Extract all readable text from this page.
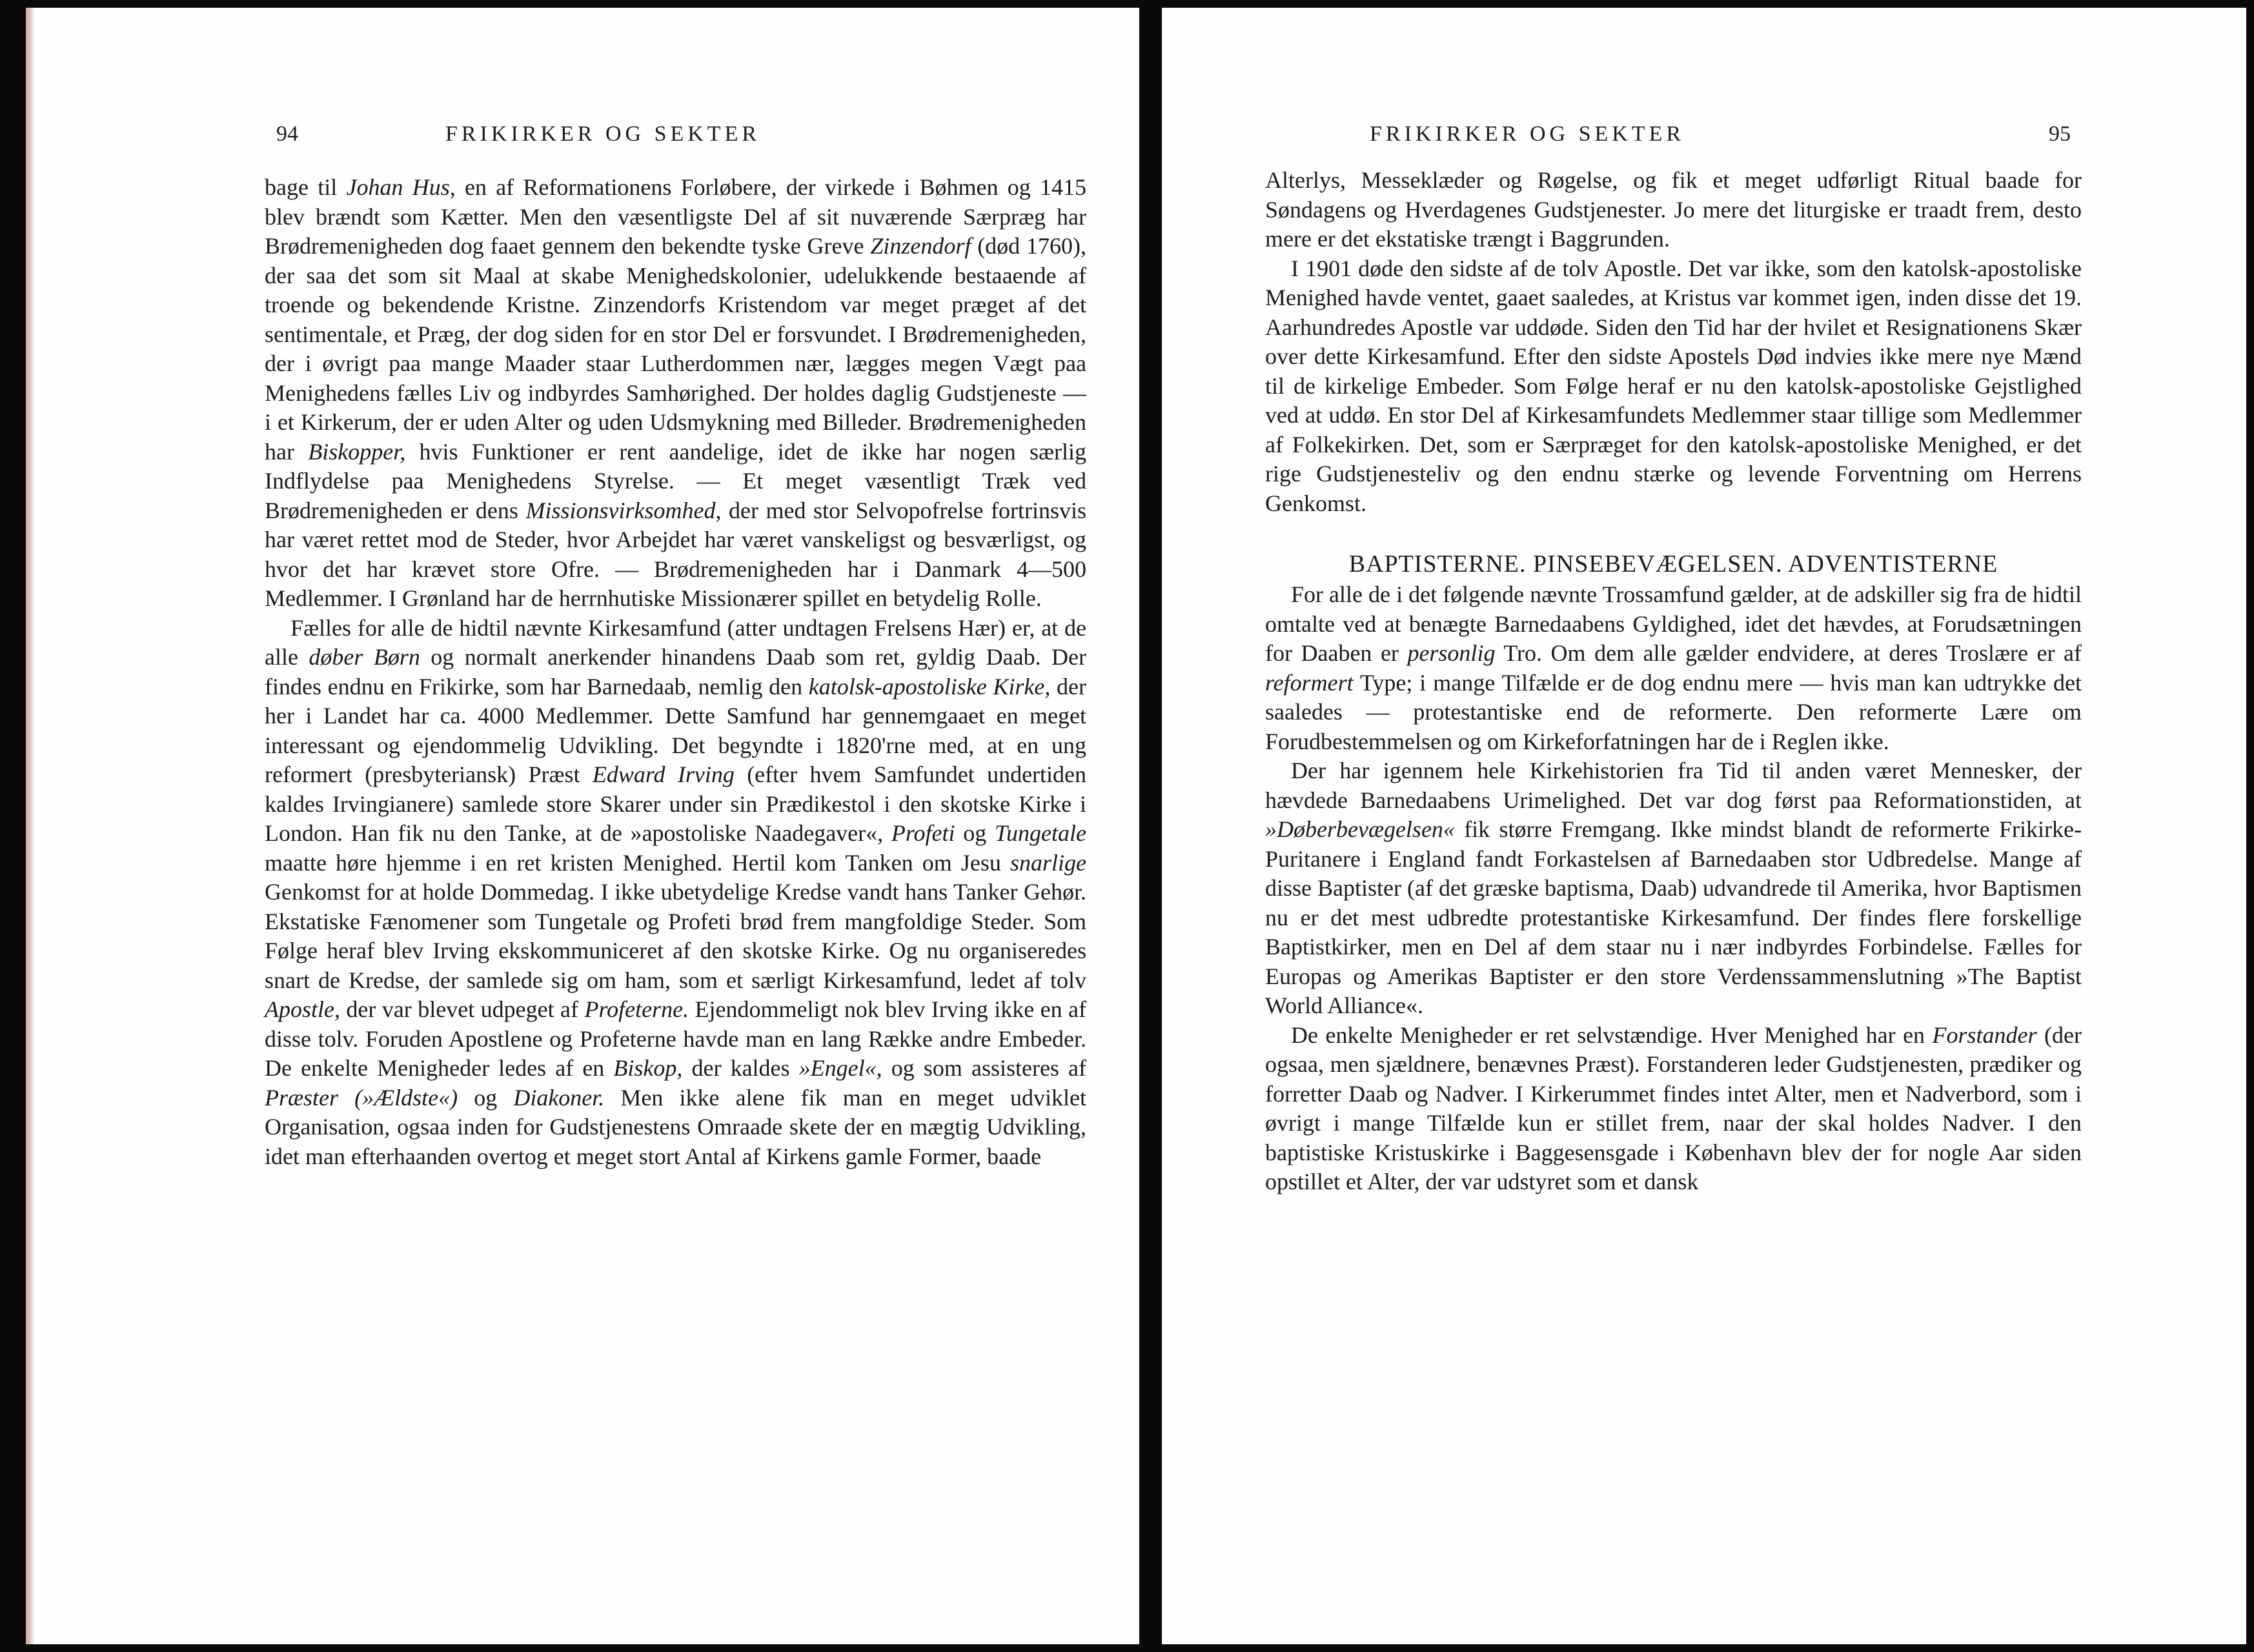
94	FRIKIRKER OG SEKTER

bage til Johan Hus, en af Reformationens Forløbere, der virkede i Bøhmen og 1415 blev brændt som Kætter. Men den væsentligste Del af sit nuværende Særpræg har Brødremenigheden dog faaet gennem den bekendte tyske Greve Zinzendorf (død 1760), der saa det som sit Maal at skabe Menighedskolonier, udelukkende bestaaende af troende og bekendende Kristne. Zinzendorfs Kristendom var meget præget af det sentimentale, et Præg, der dog siden for en stor Del er forsvundet. I Brødremenigheden, der i øvrigt paa mange Maader staar Lutherdommen nær, lægges megen Vægt paa Menighedens fælles Liv og indbyrdes Samhørighed. Der holdes daglig Gudstjeneste — i et Kirkerum, der er uden Alter og uden Udsmykning med Billeder. Brødremenigheden har Biskopper, hvis Funktioner er rent aandelige, idet de ikke har nogen særlig Indflydelse paa Menighedens Styrelse. — Et meget væsentligt Træk ved Brødremenigheden er dens Missionsvirksomhed, der med stor Selvopofrelse fortrinsvis har været rettet mod de Steder, hvor Arbejdet har været vanskeligst og besværligst, og hvor det har krævet store Ofre. — Brødremenigheden har i Danmark 4—500 Medlemmer. I Grønland har de herrnhutiske Missionærer spillet en betydelig Rolle.

Fælles for alle de hidtil nævnte Kirkesamfund (atter undtagen Frelsens Hær) er, at de alle døber Børn og normalt anerkender hinandens Daab som ret, gyldig Daab. Der findes endnu en Frikirke, som har Barnedaab, nemlig den katolsk-apostoliske Kirke, der her i Landet har ca. 4000 Medlemmer. Dette Samfund har gennemgaaet en meget interessant og ejendommelig Udvikling. Det begyndte i 1820'rne med, at en ung reformert (presbyteriansk) Præst Edward Irving (efter hvem Samfundet undertiden kaldes Irvingianere) samlede store Skarer under sin Prædikestol i den skotske Kirke i London. Han fik nu den Tanke, at de »apostoliske Naadegaver«, Profeti og Tungetale maatte høre hjemme i en ret kristen Menighed. Hertil kom Tanken om Jesu snarlige Genkomst for at holde Dommedag. I ikke ubetydelige Kredse vandt hans Tanker Gehør. Ekstatiske Fænomener som Tungetale og Profeti brød frem mangfoldige Steder. Som Følge heraf blev Irving ekskommuniceret af den skotske Kirke. Og nu organiseredes snart de Kredse, der samlede sig om ham, som et særligt Kirkesamfund, ledet af tolv Apostle, der var blevet udpeget af Profeterne. Ejendommeligt nok blev Irving ikke en af disse tolv. Foruden Apostlene og Profeterne havde man en lang Række andre Embeder. De enkelte Menigheder ledes af en Biskop, der kaldes »Engel«, og som assisteres af Præster (»Ældste«) og Diakoner. Men ikke alene fik man en meget udviklet Organisation, ogsaa inden for Gudstjenestens Omraade skete der en mægtig Udvikling, idet man efterhaanden overtog et meget stort Antal af Kirkens gamle Former, baade

FRIKIRKER OG SEKTER	95

Alterlys, Messeklæder og Røgelse, og fik et meget udførligt Ritual baade for Søndagens og Hverdagenes Gudstjenester. Jo mere det liturgiske er traadt frem, desto mere er det ekstatiske trængt i Baggrunden.

I 1901 døde den sidste af de tolv Apostle. Det var ikke, som den katolsk-apostoliske Menighed havde ventet, gaaet saaledes, at Kristus var kommet igen, inden disse det 19. Aarhundredes Apostle var uddøde. Siden den Tid har der hvilet et Resignationens Skær over dette Kirkesamfund. Efter den sidste Apostels Død indvies ikke mere nye Mænd til de kirkelige Embeder. Som Følge heraf er nu den katolsk-apostoliske Gejstlighed ved at uddø. En stor Del af Kirkesamfundets Medlemmer staar tillige som Medlemmer af Folkekirken. Det, som er Særpræget for den katolsk-apostoliske Menighed, er det rige Gudstjenesteliv og den endnu stærke og levende Forventning om Herrens Genkomst.

BAPTISTERNE. PINSEBEVÆGELSEN. ADVENTISTERNE

For alle de i det følgende nævnte Trossamfund gælder, at de adskiller sig fra de hidtil omtalte ved at benægte Barnedaabens Gyldighed, idet det hævdes, at Forudsætningen for Daaben er personlig Tro. Om dem alle gælder endvidere, at deres Troslære er af reformert Type; i mange Tilfælde er de dog endnu mere — hvis man kan udtrykke det saaledes — protestantiske end de reformerte. Den reformerte Lære om Forudbestemmelsen og om Kirkeforfatningen har de i Reglen ikke.

Der har igennem hele Kirkehistorien fra Tid til anden været Mennesker, der hævdede Barnedaabens Urimelighed. Det var dog først paa Reformationstiden, at »Døberbevægelsen« fik større Fremgang. Ikke mindst blandt de reformerte Frikirke-Puritanere i England fandt Forkastelsen af Barnedaaben stor Udbredelse. Mange af disse Baptister (af det græske baptisma, Daab) udvandrede til Amerika, hvor Baptismen nu er det mest udbredte protestantiske Kirkesamfund. Der findes flere forskellige Baptistkirker, men en Del af dem staar nu i nær indbyrdes Forbindelse. Fælles for Europas og Amerikas Baptister er den store Verdenssammenslutning »The Baptist World Alliance«.

De enkelte Menigheder er ret selvstændige. Hver Menighed har en Forstander (der ogsaa, men sjældnere, benævnes Præst). Forstanderen leder Gudstjenesten, prædiker og forretter Daab og Nadver. I Kirkerummet findes intet Alter, men et Nadverbord, som i øvrigt i mange Tilfælde kun er stillet frem, naar der skal holdes Nadver. I den baptistiske Kristuskirke i Baggesensgade i København blev der for nogle Aar siden opstillet et Alter, der var udstyret som et dansk
